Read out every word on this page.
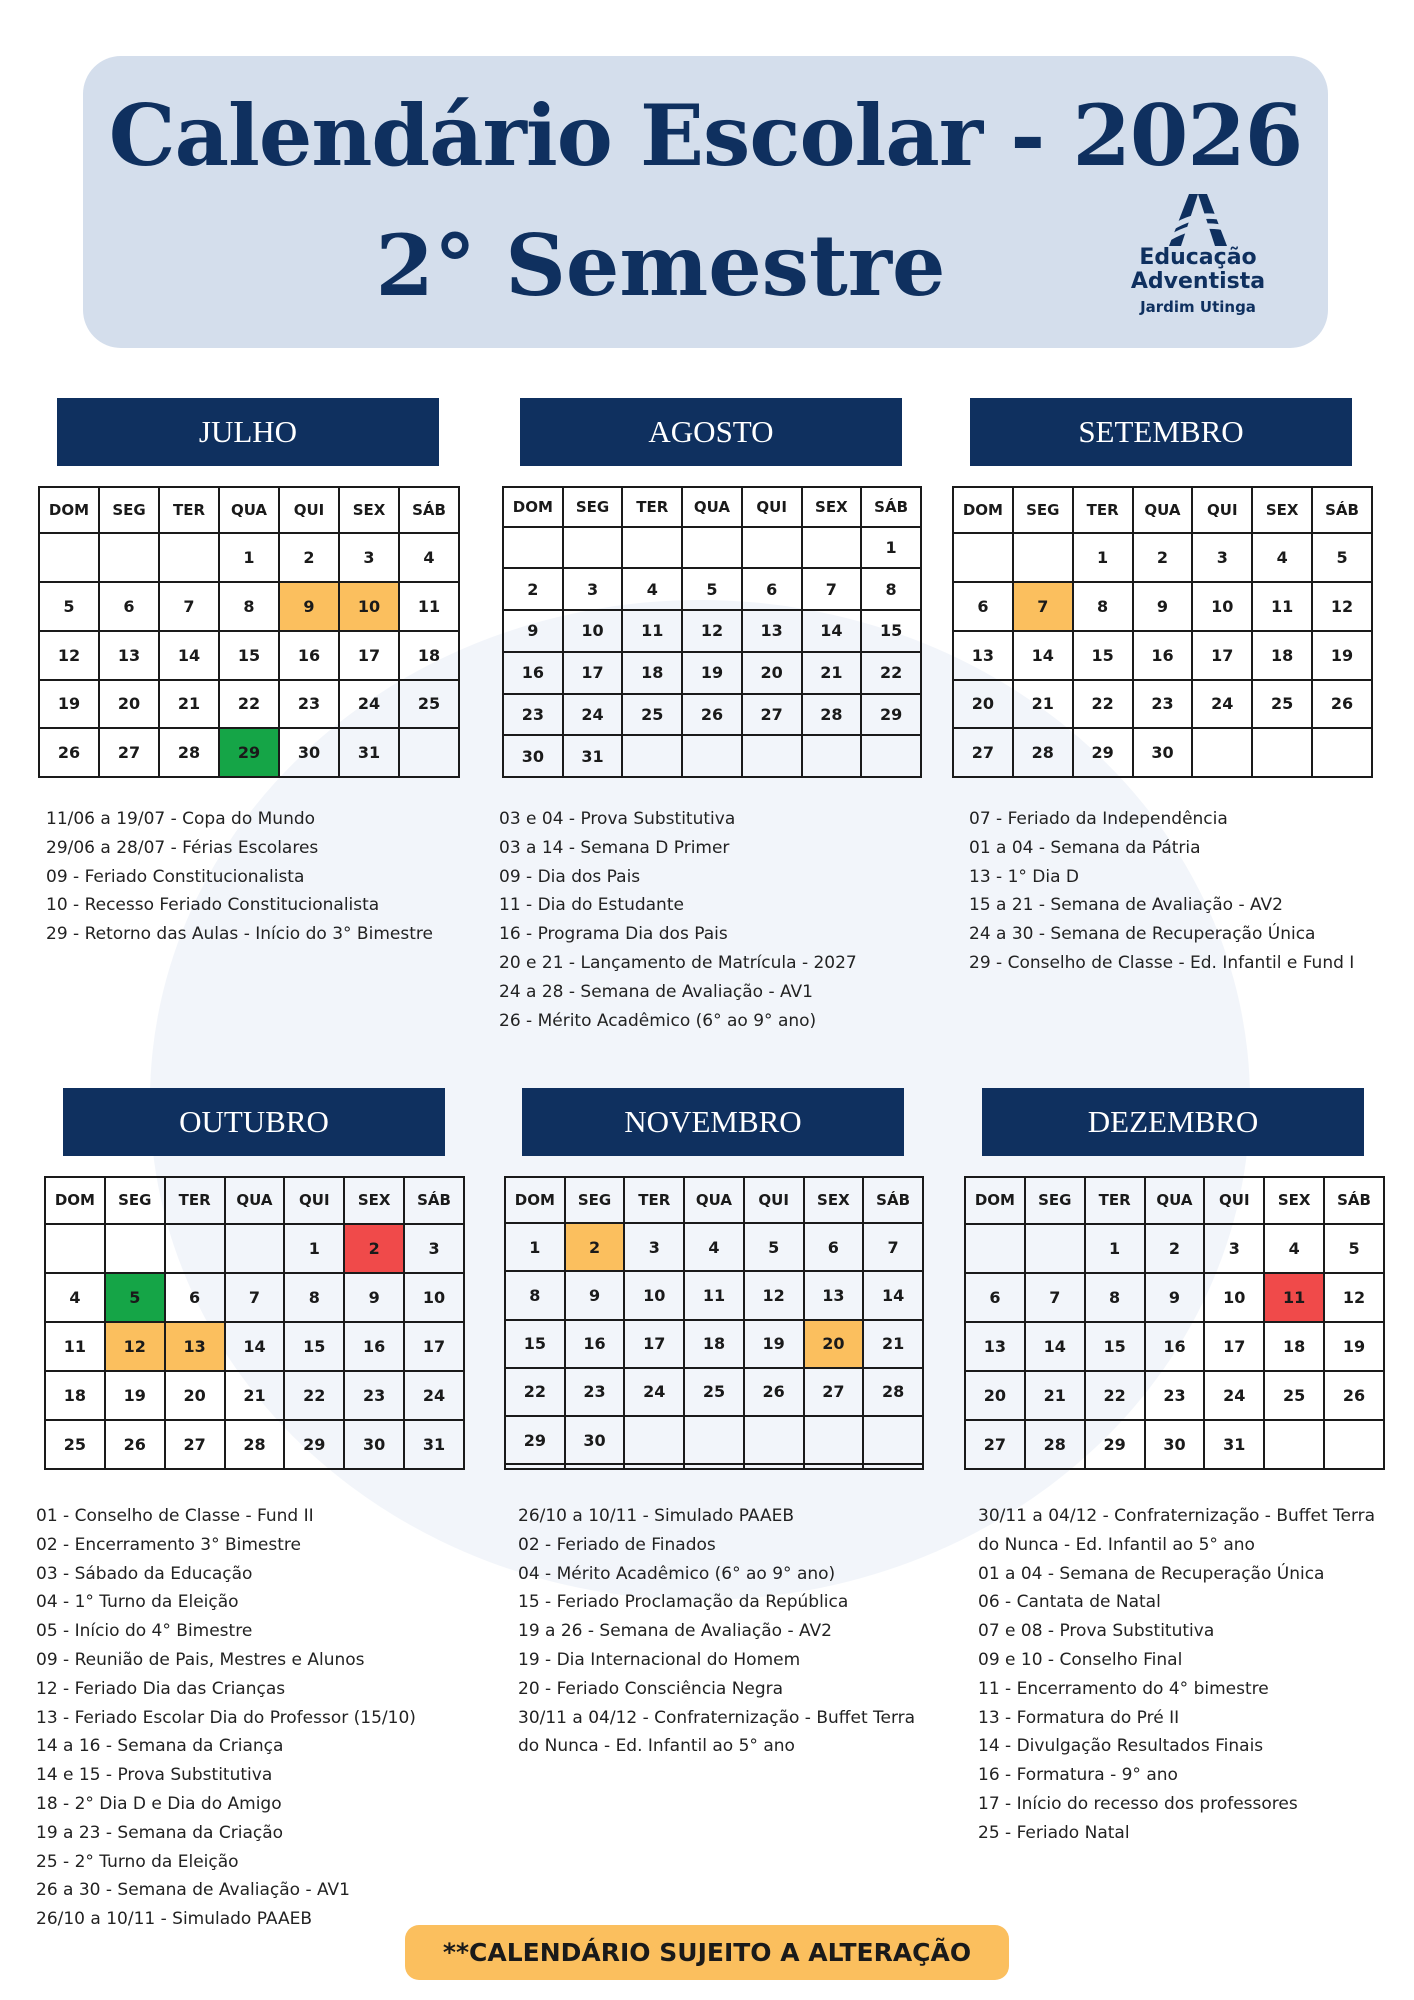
Calendário Escolar - 2026
2° Semestre	Educação
Adventista
Jardim Utinga
JULHO
DOM	SEG	TER	QUA	QUI	SEX	SÁB
			1	2	3	4
5	6	7	8	9	10	11
12	13	14	15	16	17	18
19	20	21	22	23	24	25
26	27	28	29	30	31	
11/06 a 19/07 - Copa do Mundo
29/06 a 28/07 - Férias Escolares
09 - Feriado Constitucionalista
10 - Recesso Feriado Constitucionalista
29 - Retorno das Aulas - Início do 3° Bimestre
AGOSTO
DOM	SEG	TER	QUA	QUI	SEX	SÁB
						1
2	3	4	5	6	7	8
9	10	11	12	13	14	15
16	17	18	19	20	21	22
23	24	25	26	27	28	29
30	31					
03 e 04 - Prova Substitutiva
03 a 14 - Semana D Primer
09 - Dia dos Pais
11 - Dia do Estudante
16 - Programa Dia dos Pais
20 e 21 - Lançamento de Matrícula - 2027
24 a 28 - Semana de Avaliação - AV1
26 - Mérito Acadêmico (6° ao 9° ano)
SETEMBRO
DOM	SEG	TER	QUA	QUI	SEX	SÁB
		1	2	3	4	5
6	7	8	9	10	11	12
13	14	15	16	17	18	19
20	21	22	23	24	25	26
27	28	29	30			
07 - Feriado da Independência
01 a 04 - Semana da Pátria
13 - 1° Dia D
15 a 21 - Semana de Avaliação - AV2
24 a 30 - Semana de Recuperação Única
29 - Conselho de Classe - Ed. Infantil e Fund I
OUTUBRO
DOM	SEG	TER	QUA	QUI	SEX	SÁB
				1	2	3
4	5	6	7	8	9	10
11	12	13	14	15	16	17
18	19	20	21	22	23	24
25	26	27	28	29	30	31
01 - Conselho de Classe - Fund II
02 - Encerramento 3° Bimestre
03 - Sábado da Educação
04 - 1° Turno da Eleição
05 - Início do 4° Bimestre
09 - Reunião de Pais, Mestres e Alunos
12 - Feriado Dia das Crianças
13 - Feriado Escolar Dia do Professor (15/10)
14 a 16 - Semana da Criança
14 e 15 - Prova Substitutiva
18 - 2° Dia D e Dia do Amigo
19 a 23 - Semana da Criação
25 - 2° Turno da Eleição
26 a 30 - Semana de Avaliação - AV1
26/10 a 10/11 - Simulado PAAEB
NOVEMBRO
DOM	SEG	TER	QUA	QUI	SEX	SÁB
1	2	3	4	5	6	7
8	9	10	11	12	13	14
15	16	17	18	19	20	21
22	23	24	25	26	27	28
29	30					

26/10 a 10/11 - Simulado PAAEB
02 - Feriado de Finados
04 - Mérito Acadêmico (6° ao 9° ano)
15 - Feriado Proclamação da República
19 a 26 - Semana de Avaliação - AV2
19 - Dia Internacional do Homem
20 - Feriado Consciência Negra
30/11 a 04/12 - Confraternização - Buffet Terra
do Nunca - Ed. Infantil ao 5° ano
DEZEMBRO
DOM	SEG	TER	QUA	QUI	SEX	SÁB
		1	2	3	4	5
6	7	8	9	10	11	12
13	14	15	16	17	18	19
20	21	22	23	24	25	26
27	28	29	30	31		
30/11 a 04/12 - Confraternização - Buffet Terra
do Nunca - Ed. Infantil ao 5° ano
01 a 04 - Semana de Recuperação Única
06 - Cantata de Natal
07 e 08 - Prova Substitutiva
09 e 10 - Conselho Final
11 - Encerramento do 4° bimestre
13 - Formatura do Pré II
14 - Divulgação Resultados Finais
16 - Formatura - 9° ano
17 - Início do recesso dos professores
25 - Feriado Natal
**CALENDÁRIO SUJEITO A ALTERAÇÃO
